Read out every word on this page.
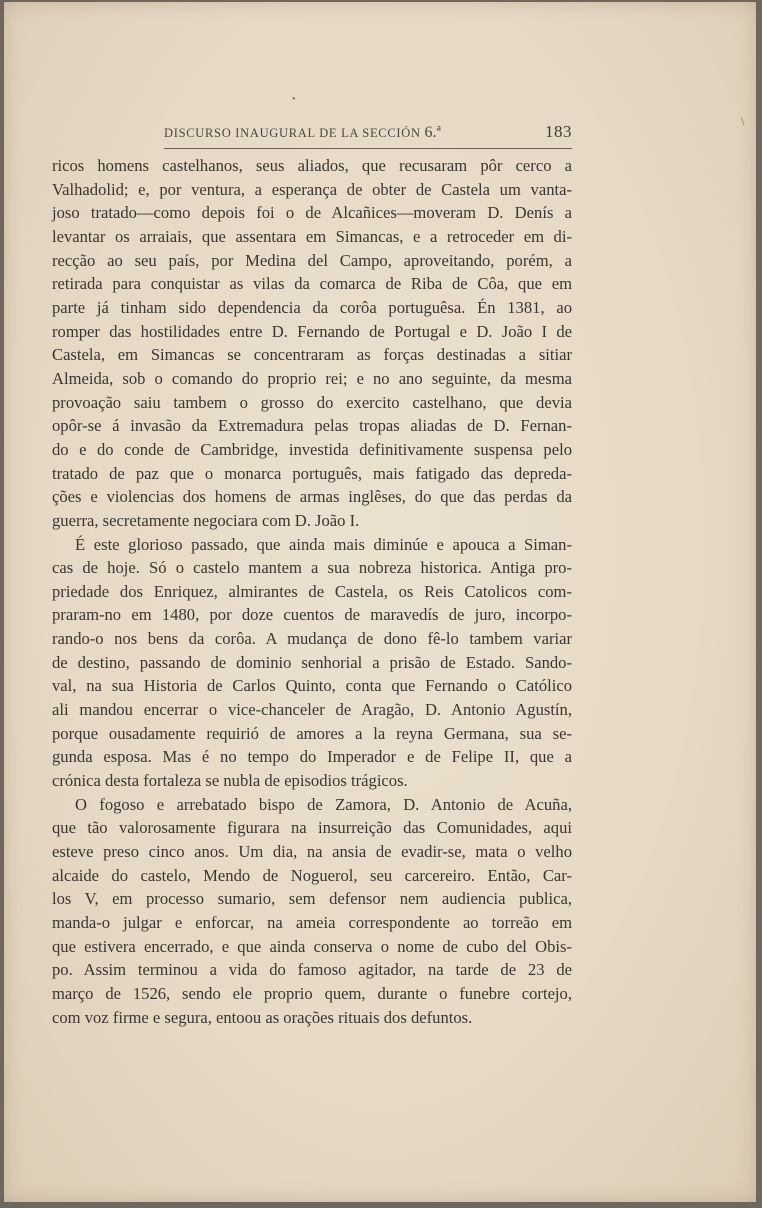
•
\
DISCURSO INAUGURAL DE LA SECCIÓN 6.ª	183
ricos homens castelhanos, seus aliados, que recusaram pôr cerco a
Valhadolid; e, por ventura, a esperança de obter de Castela um vanta-
joso tratado—como depois foi o de Alcañices—moveram D. Denís a
levantar os arraiais, que assentara em Simancas, e a retroceder em di-
recção ao seu país, por Medina del Campo, aproveitando, porém, a
retirada para conquistar as vilas da comarca de Riba de Côa, que em
parte já tinham sido dependencia da corôa portuguêsa. Én 1381, ao
romper das hostilidades entre D. Fernando de Portugal e D. João I de
Castela, em Simancas se concentraram as forças destinadas a sitiar
Almeida, sob o comando do proprio rei; e no ano seguinte, da mesma
provoação saiu tambem o grosso do exercito castelhano, que devia
opôr-se á invasão da Extremadura pelas tropas aliadas de D. Fernan-
do e do conde de Cambridge, investida definitivamente suspensa pelo
tratado de paz que o monarca português, mais fatigado das depreda-
ções e violencias dos homens de armas inglêses, do que das perdas da
guerra, secretamente negociara com D. João I.
É este glorioso passado, que ainda mais diminúe e apouca a Siman-
cas de hoje. Só o castelo mantem a sua nobreza historica. Antiga pro-
priedade dos Enriquez, almirantes de Castela, os Reis Catolicos com-
praram-no em 1480, por doze cuentos de maravedís de juro, incorpo-
rando-o nos bens da corôa. A mudança de dono fê-lo tambem variar
de destino, passando de dominio senhorial a prisão de Estado. Sando-
val, na sua Historia de Carlos Quinto, conta que Fernando o Católico
ali mandou encerrar o vice-chanceler de Aragão, D. Antonio Agustín,
porque ousadamente requirió de amores a la reyna Germana, sua se-
gunda esposa. Mas é no tempo do Imperador e de Felipe II, que a
crónica desta fortaleza se nubla de episodios trágicos.
O fogoso e arrebatado bispo de Zamora, D. Antonio de Acuña,
que tão valorosamente figurara na insurreição das Comunidades, aqui
esteve preso cinco anos. Um dia, na ansia de evadir-se, mata o velho
alcaide do castelo, Mendo de Noguerol, seu carcereiro. Então, Car-
los V, em processo sumario, sem defensor nem audiencia publica,
manda-o julgar e enforcar, na ameia correspondente ao torreão em
que estivera encerrado, e que ainda conserva o nome de cubo del Obis-
po. Assim terminou a vida do famoso agitador, na tarde de 23 de
março de 1526, sendo ele proprio quem, durante o funebre cortejo,
com voz firme e segura, entoou as orações rituais dos defuntos.
